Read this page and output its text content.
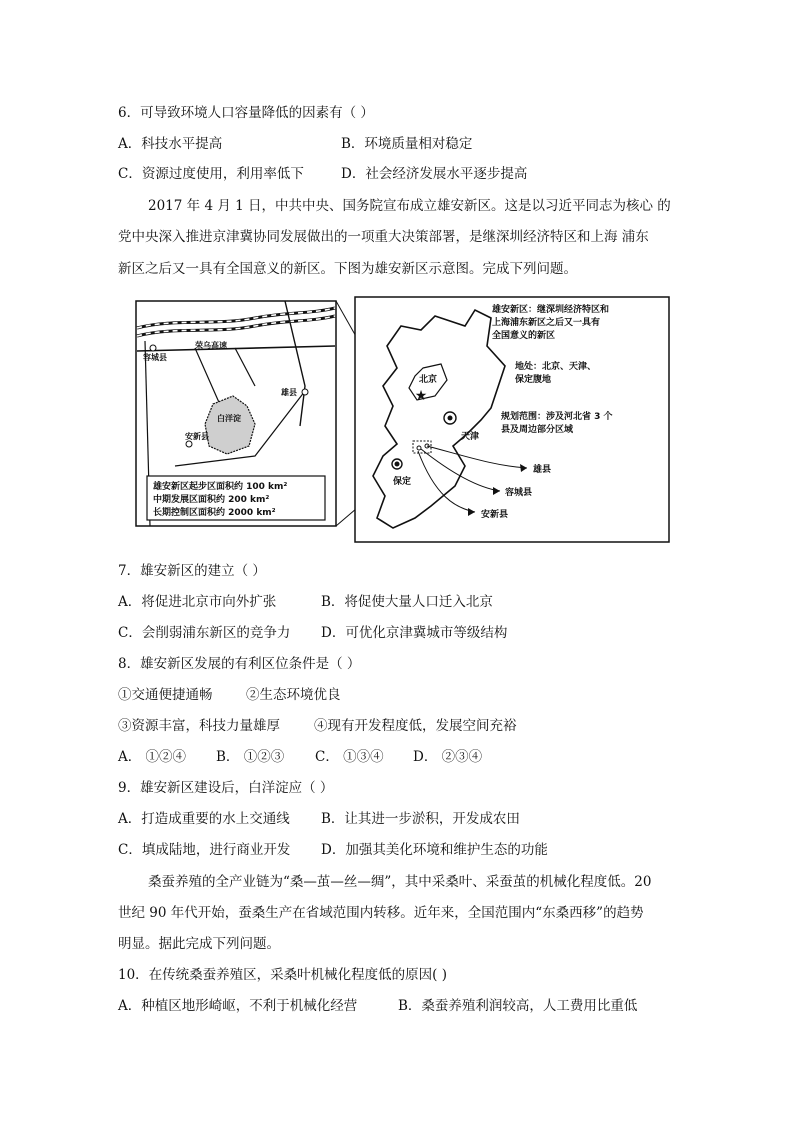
6．可导致环境人口容量降低的因素有（ ）
A．科技水平提高	B．环境质量相对稳定
C．资源过度使用，利用率低下	D．社会经济发展水平逐步提高
2017 年 4 月 1 日，中共中央、国务院宣布成立雄安新区。这是以习近平同志为核心 的
党中央深入推进京津冀协同发展做出的一项重大决策部署，是继深圳经济特区和上海 浦东
新区之后又一具有全国意义的新区。下图为雄安新区示意图。完成下列问题。
容城县
荣乌高速
雄县
白洋淀
安新县
雄安新区起步区面积约 100 km²
中期发展区面积约 200 km²
长期控制区面积约 2000 km²
★
雄安新区：继深圳经济特区和
上海浦东新区之后又一具有
全国意义的新区
地处：北京、天津、
保定腹地
规划范围：涉及河北省 3 个
县及周边部分区域
北京
天津
保定
雄县
容城县
安新县
7．雄安新区的建立（ ）
A．将促进北京市向外扩张	B．将促使大量人口迁入北京
C．会削弱浦东新区的竞争力 D．可优化京津冀城市等级结构
8．雄安新区发展的有利区位条件是（ ）
①交通便捷通畅 ②生态环境优良
③资源丰富，科技力量雄厚	④现有开发程度低，发展空间充裕
A． ①②④ B． ①②③ C． ①③④ D． ②③④
9．雄安新区建设后，白洋淀应（ ）
A．打造成重要的水上交通线 B．让其进一步淤积，开发成农田
C．填成陆地，进行商业开发 D．加强其美化环境和维护生态的功能
桑蚕养殖的全产业链为“桑—茧—丝—绸”，其中采桑叶、采蚕茧的机械化程度低。20
世纪 90 年代开始，蚕桑生产在省域范围内转移。近年来，全国范围内“东桑西移”的趋势
明显。据此完成下列问题。
10．在传统桑蚕养殖区，采桑叶机械化程度低的原因( )
A．种植区地形崎岖，不利于机械化经营	B．桑蚕养殖利润较高，人工费用比重低
